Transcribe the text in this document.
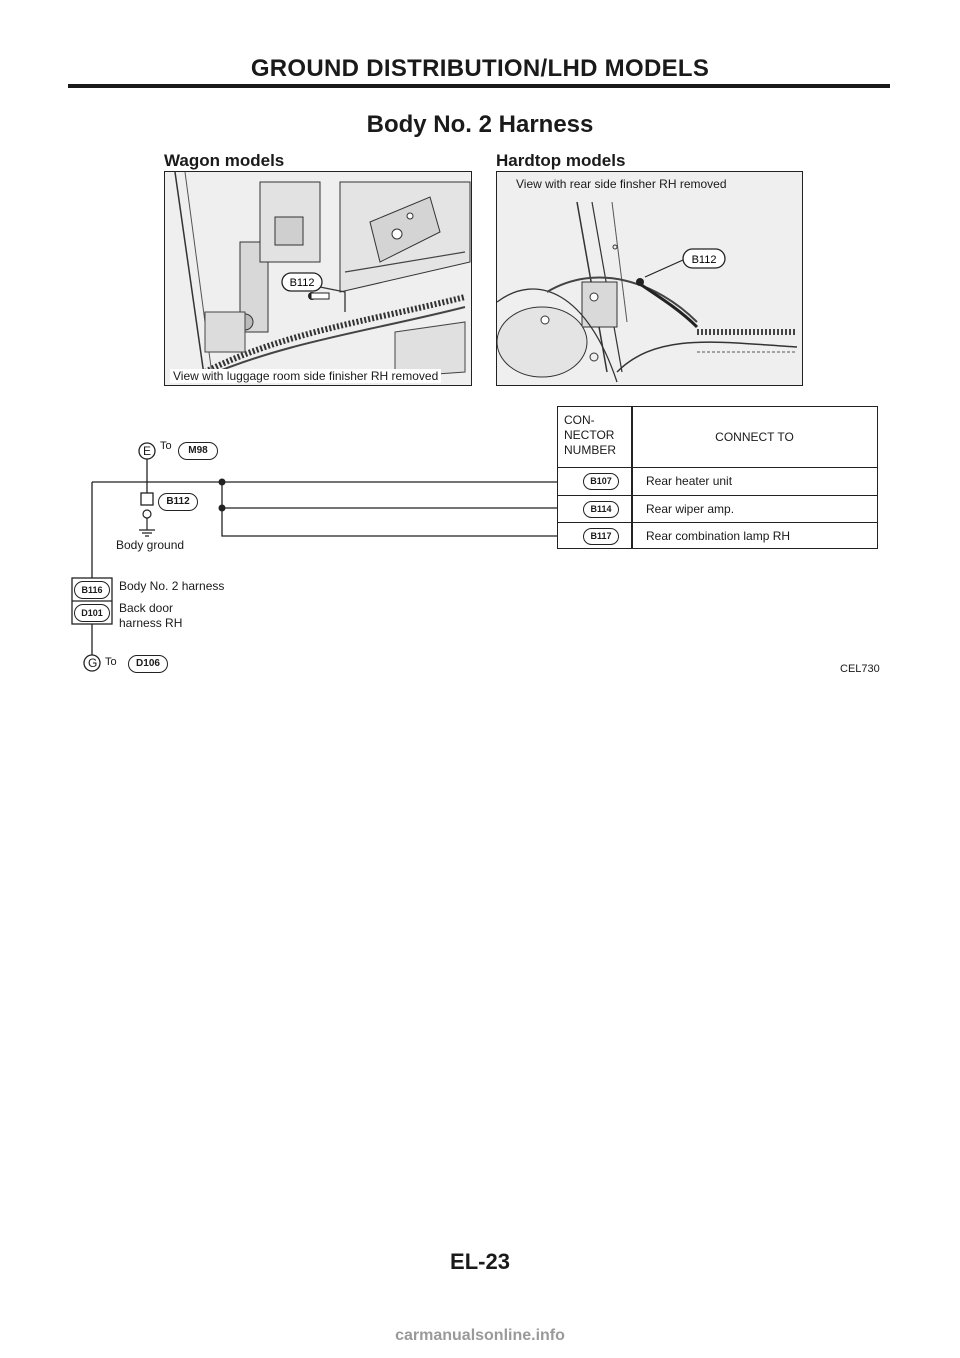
GROUND DISTRIBUTION/LHD MODELS
Body No. 2 Harness
Wagon models
B112
View with luggage room side finisher RH removed
Hardtop models
B112
View with rear side finsher RH removed
E To	M98
B112
Body ground
B116
D101
Body No. 2 harness
Back door
harness RH
G To	D106
CON-
NECTOR
NUMBER
CONNECT TO
B107	Rear heater unit
B114	Rear wiper amp.
B117	Rear combination lamp RH
CEL730
EL-23
carmanualsonline.info
